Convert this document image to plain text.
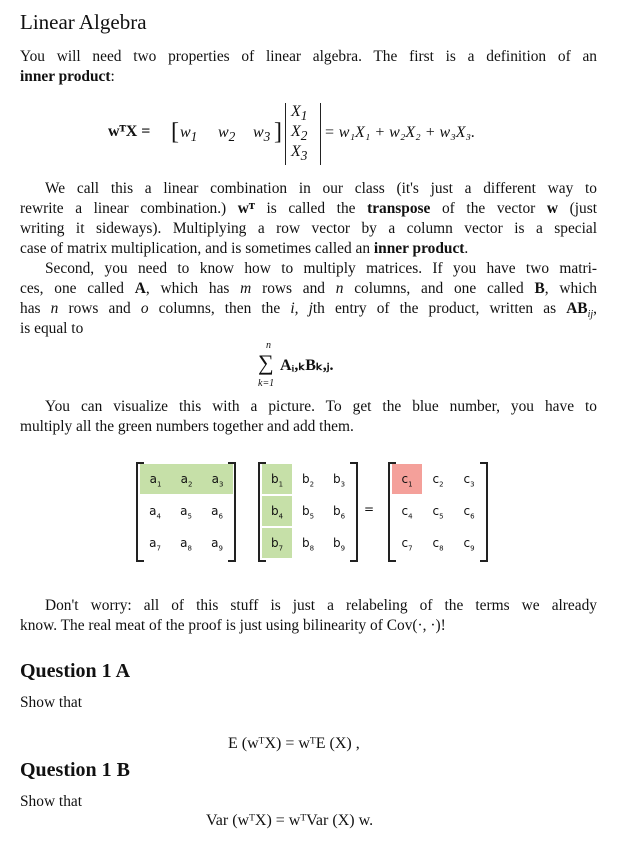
Linear Algebra
You will need two properties of linear algebra. The first is a definition of an
inner product:
We call this a linear combination in our class (it's just a different way to
rewrite a linear combination.) wᵀ is called the transpose of the vector w (just
writing it sideways). Multiplying a row vector by a column vector is a special
case of matrix multiplication, and is sometimes called an inner product.
Second, you need to know how to multiply matrices. If you have two matri-
ces, one called A, which has m rows and n columns, and one called B, which
has n rows and o columns, then the i, jth entry of the product, written as $AB_{ij}$,
is equal to
You can visualize this with a picture. To get the blue number, you have to
multiply all the green numbers together and add them.
Don't worry: all of this stuff is just a relabeling of the terms we already
know. The real meat of the proof is just using bilinearity of Cov(·, ·)!
wᵀX = [ $w_1$ $w_2$ $w_3$ ]
$X_1$
$X_2$
$X_3$
= w₁X₁ + w₂X₂ + w₃X₃.
n
∑ Aᵢ,ₖBₖ,ⱼ.
k=1
$a_1$	$a_2$	$a_3$
$a_4$	$a_5$	$a_6$
$a_7$	$a_8$	$a_9$
$b_1$	$b_2$	$b_3$
$b_4$	$b_5$	$b_6$
$b_7$	$b_8$	$b_9$
$c_1$	$c_2$	$c_3$
$c_4$	$c_5$	$c_6$
$c_7$	$c_8$	$c_9$
=
Question 1 A
Show that
E (wᵀX) = wᵀE (X) ,
Question 1 B
Show that
Var (wᵀX) = wᵀVar (X) w.
